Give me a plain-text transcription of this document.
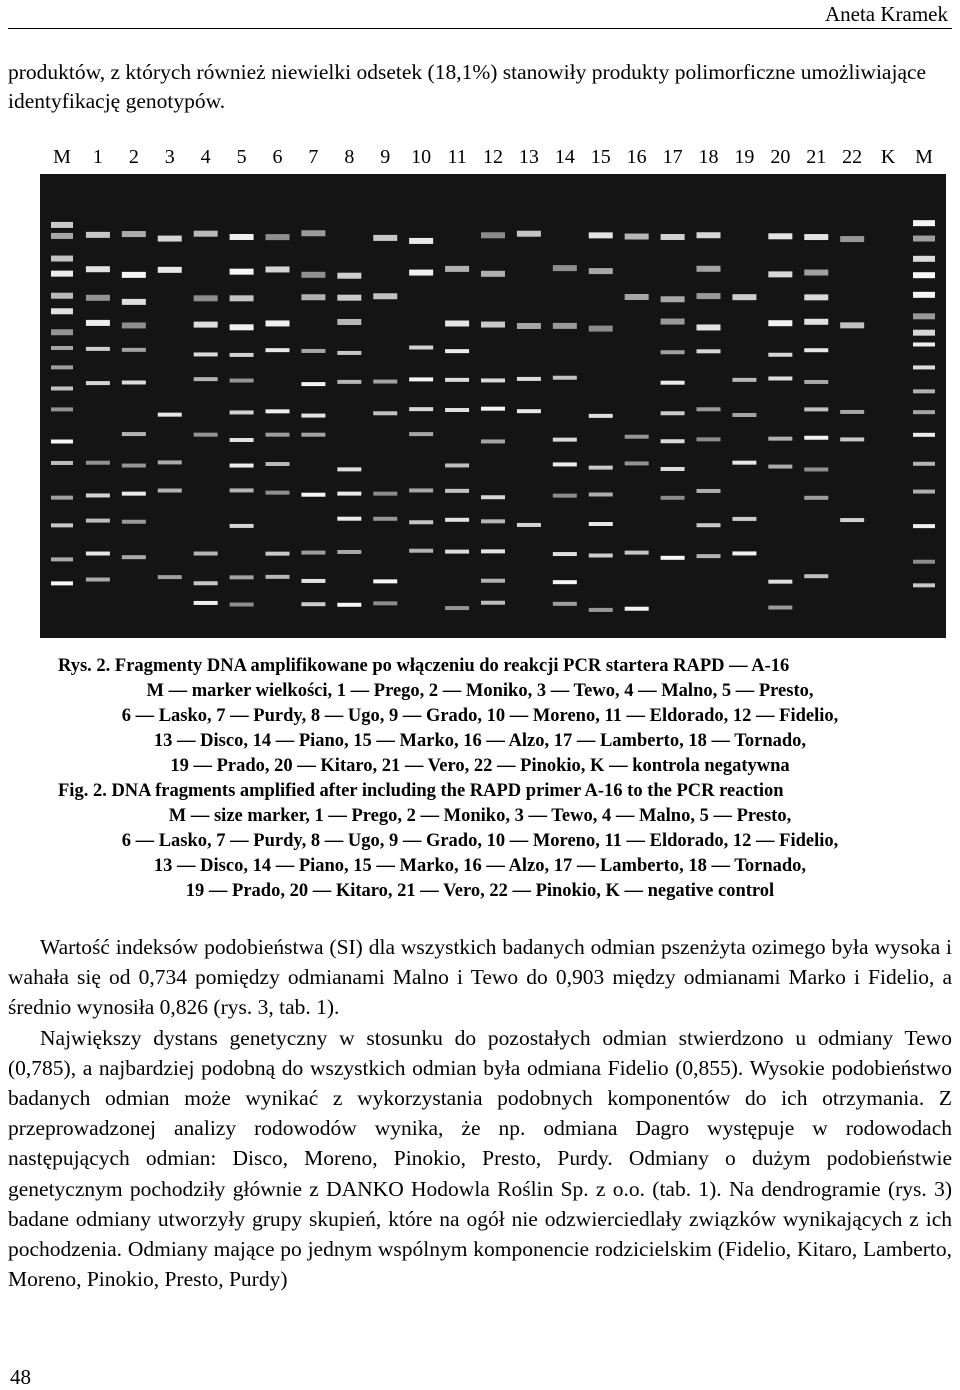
Aneta Kramek
produktów, z których również niewielki odsetek (18,1%) stanowiły produkty polimorficzne umożliwiające identyfikację genotypów.
M 1 2 3 4 5 6 7 8 9 10 11 12 13 14 15 16 17 18 19 20 21 22 K M
Rys. 2. Fragmenty DNA amplifikowane po włączeniu do reakcji PCR startera RAPD — A-16
M — marker wielkości, 1 — Prego, 2 — Moniko, 3 — Tewo, 4 — Malno, 5 — Presto,
6 — Lasko, 7 — Purdy, 8 — Ugo, 9 — Grado, 10 — Moreno, 11 — Eldorado, 12 — Fidelio,
13 — Disco, 14 — Piano, 15 — Marko, 16 — Alzo, 17 — Lamberto, 18 — Tornado,
19 — Prado, 20 — Kitaro, 21 — Vero, 22 — Pinokio, K — kontrola negatywna
Fig. 2. DNA fragments amplified after including the RAPD primer A-16 to the PCR reaction
M — size marker, 1 — Prego, 2 — Moniko, 3 — Tewo, 4 — Malno, 5 — Presto,
6 — Lasko, 7 — Purdy, 8 — Ugo, 9 — Grado, 10 — Moreno, 11 — Eldorado, 12 — Fidelio,
13 — Disco, 14 — Piano, 15 — Marko, 16 — Alzo, 17 — Lamberto, 18 — Tornado,
19 — Prado, 20 — Kitaro, 21 — Vero, 22 — Pinokio, K — negative control

Wartość indeksów podobieństwa (SI) dla wszystkich badanych odmian pszenżyta ozimego była wysoka i wahała się od 0,734 pomiędzy odmianami Malno i Tewo do 0,903 między odmianami Marko i Fidelio, a średnio wynosiła 0,826 (rys. 3, tab. 1).

Największy dystans genetyczny w stosunku do pozostałych odmian stwierdzono u odmiany Tewo (0,785), a najbardziej podobną do wszystkich odmian była odmiana Fidelio (0,855). Wysokie podobieństwo badanych odmian może wynikać z wykorzystania podobnych komponentów do ich otrzymania. Z przeprowadzonej analizy rodowodów wynika, że np. odmiana Dagro występuje w rodowodach następujących odmian: Disco, Moreno, Pinokio, Presto, Purdy. Odmiany o dużym podobieństwie genetycznym pochodziły głównie z DANKO Hodowla Roślin Sp. z o.o. (tab. 1). Na dendrogramie (rys. 3) badane odmiany utworzyły grupy skupień, które na ogół nie odzwierciedlały związków wynikających z ich pochodzenia. Odmiany mające po jednym wspólnym komponencie rodzicielskim (Fidelio, Kitaro, Lamberto, Moreno, Pinokio, Presto, Purdy)

48
